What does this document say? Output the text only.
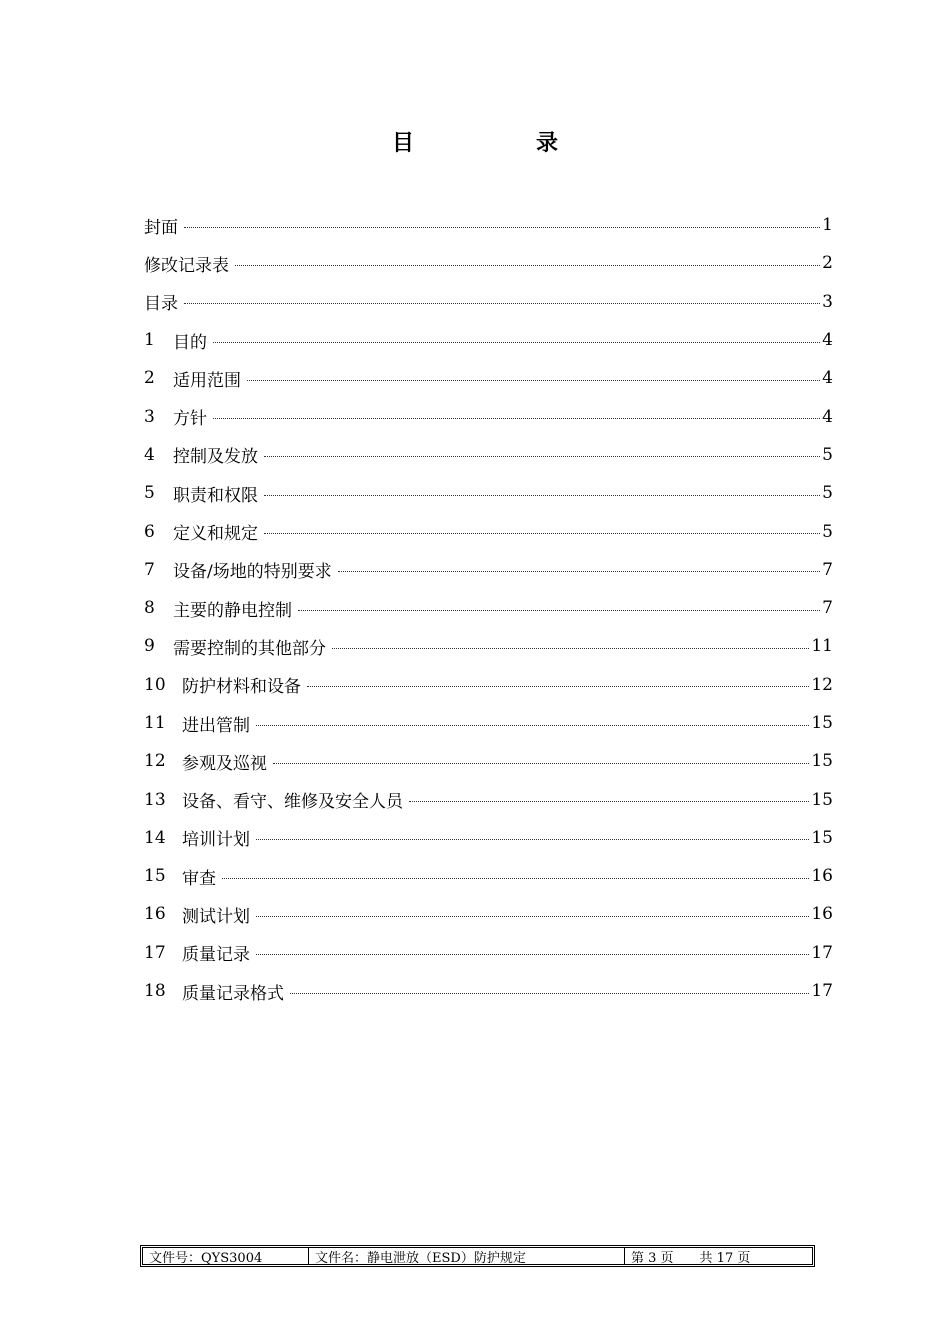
目　录
封面	1
修改记录表	2
目录	3
1	目的	4
2	适用范围	4
3	方针	4
4	控制及发放	5
5	职责和权限	5
6	定义和规定	5
7	设备/场地的特别要求	7
8	主要的静电控制	7
9	需要控制的其他部分	11
10 防护材料和设备	12
11 进出管制	15
12 参观及巡视	15
13 设备、看守、维修及安全人员	15
14 培训计划	15
15 审查	16
16 测试计划	16
17 质量记录	17
18 质量记录格式	17
文件号：QYS3004	文件名：静电泄放（ESD）防护规定	第 3 页　　共 17 页
